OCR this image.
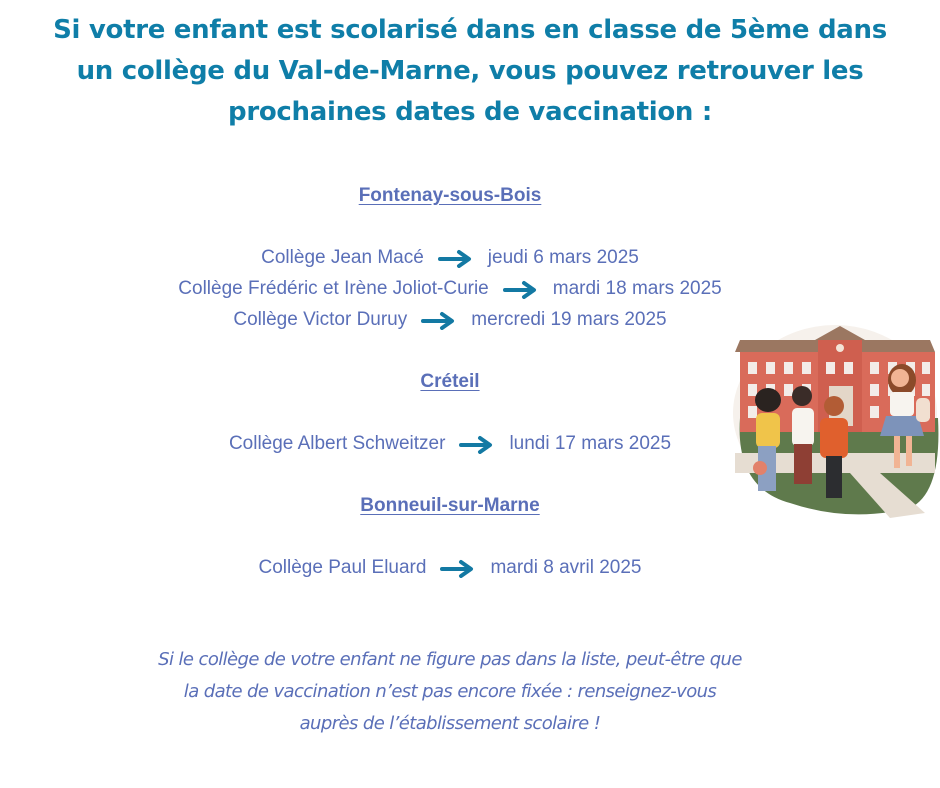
Si votre enfant est scolarisé dans en classe de 5ème dans
un collège du Val-de-Marne, vous pouvez retrouver les
prochaines dates de vaccination :
Fontenay-sous-Bois
Collège Jean Macé	jeudi 6 mars 2025
Collège Frédéric et Irène Joliot-Curie	mardi 18 mars 2025
Collège Victor Duruy	mercredi 19 mars 2025
Créteil
Collège Albert Schweitzer	lundi 17 mars 2025
Bonneuil-sur-Marne
Collège Paul Eluard	mardi 8 avril 2025
Si le collège de votre enfant ne figure pas dans la liste, peut-être que
la date de vaccination n’est pas encore fixée : renseignez-vous
auprès de l’établissement scolaire !
